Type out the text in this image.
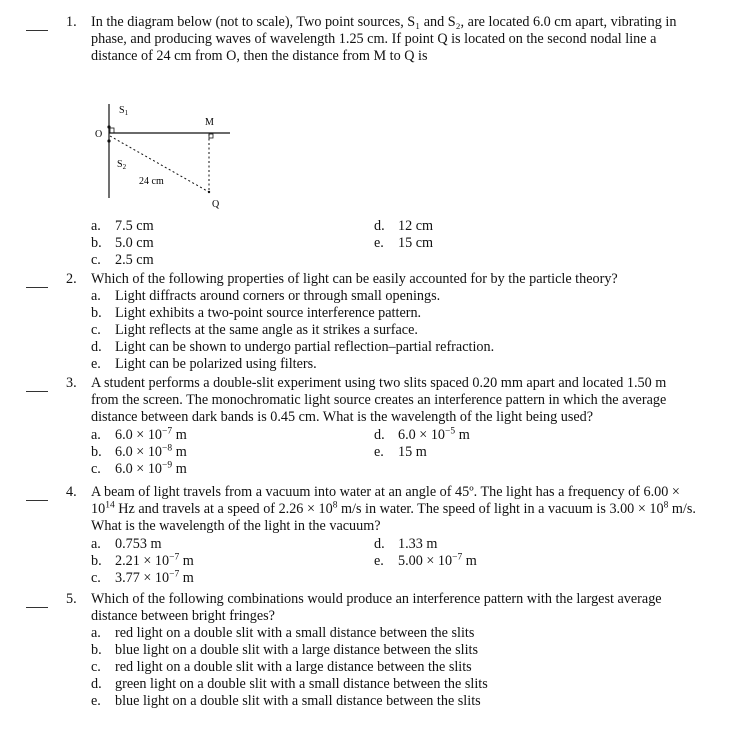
1. In the diagram below (not to scale), Two point sources, S₁ and S₂, are located 6.0 cm apart, vibrating in
phase, and producing waves of wavelength 1.25 cm. If point Q is located on the second nodal line a
distance of 24 cm from O, then the distance from M to Q is
O
$S_1$
$S_2$
M
Q
24 cm
a. 7.5 cm
b. 5.0 cm
c. 2.5 cm
d. 12 cm
e. 15 cm
2. Which of the following properties of light can be easily accounted for by the particle theory?
a. Light diffracts around corners or through small openings.
b. Light exhibits a two-point source interference pattern.
c. Light reflects at the same angle as it strikes a surface.
d. Light can be shown to undergo partial reflection–partial refraction.
e. Light can be polarized using filters.
3. A student performs a double-slit experiment using two slits spaced 0.20 mm apart and located 1.50 m
from the screen. The monochromatic light source creates an interference pattern in which the average
distance between dark bands is 0.45 cm. What is the wavelength of the light being used?
a. $6.0 \times 10^{-7}$ m
b. $6.0 \times 10^{-8}$ m
c. $6.0 \times 10^{-9}$ m
d. $6.0 \times 10^{-5}$ m
e. 15 m
4. A beam of light travels from a vacuum into water at an angle of 45º. The light has a frequency of 6.00 ×
$10^{14}$ Hz and travels at a speed of $2.26 \times 10^8$ m/s in water. The speed of light in a vacuum is $3.00 \times 10^8$ m/s.
What is the wavelength of the light in the vacuum?
a. 0.753 m
b. $2.21 \times 10^{-7}$ m
c. $3.77 \times 10^{-7}$ m
d. 1.33 m
e. $5.00 \times 10^{-7}$ m
5. Which of the following combinations would produce an interference pattern with the largest average
distance between bright fringes?
a. red light on a double slit with a small distance between the slits
b. blue light on a double slit with a large distance between the slits
c. red light on a double slit with a large distance between the slits
d. green light on a double slit with a small distance between the slits
e. blue light on a double slit with a small distance between the slits
